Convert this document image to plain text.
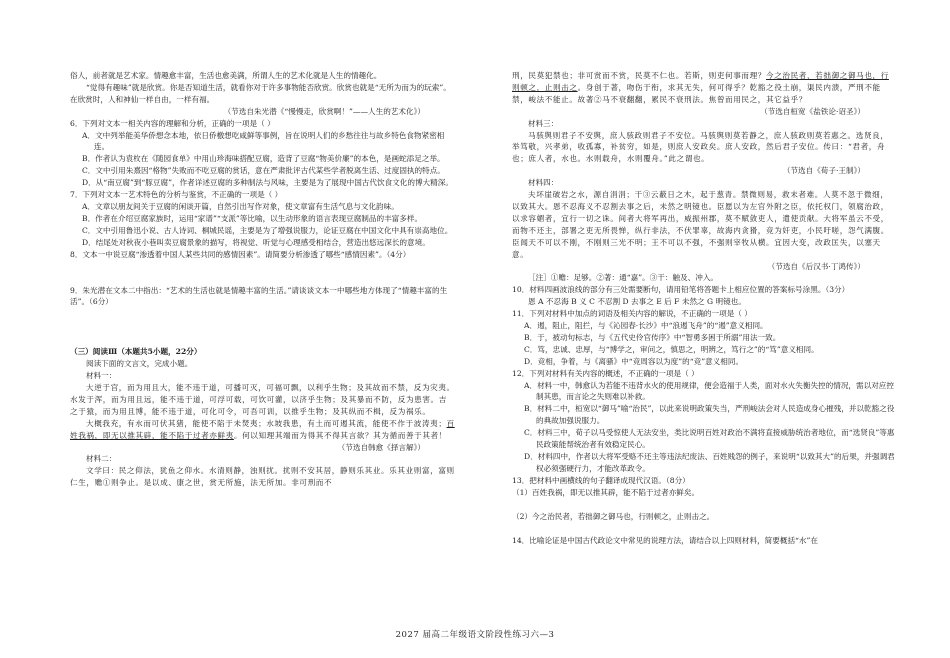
俗人，前者就是艺术家。情趣愈丰富，生活也愈美满，所谓人生的艺术化就是人生的情趣化。

“觉得有趣味”就是欣赏。你是否知道生活，就看你对于许多事物能否欣赏。欣赏也就是“无所为而为的玩索”。在欣赏时，人和神仙一样自由，一样有福。

（节选自朱光潜《“慢慢走，欣赏啊！”——人生的艺术化》）

6．下列对文本一相关内容的理解和分析，正确的一项是（ ）

A．文中列举能美华侨想念本地，依日侨檄想吃咸鲜等事例，旨在说明人们的乡愁往往与故乡特色食物紧密相连。

B．作者认为袁枚在《随园食单》中用山珍海味搭配豆腐，造背了豆腐“物美价廉”的本色，是画蛇添足之举。

C．文中引用朱熹因“格物”失败而不吃豆腐的赏话，意在严肃批评古代某些学者脱离生活、过度固执的特点。

D．从“南豆腐”到“豚豆腐”，作者详述豆腐的多种制法与风味，主要是为了展现中国古代饮食文化的博大精深。

7．下列对文本一艺术特色的分析与鉴赏，不正确的一项是（ ）

A．文章以朋友间关于豆腐的闲谈开篇，自然引出写作对象，使文章富有生活气息与文化韵味。

B．作者在介绍豆腐家族时，运用“家谱”“支派”等比喻，以生动形象的语言表现豆腐制品的丰富多样。

C．文中引用鲁迅小说、古人诗词、桐城民谣，主要是为了增强说服力，论证豆腐在中国文化中具有崇高地位。

D．结尾处对秋夜小巷叫卖豆腐景象的描写，将视觉、听觉与心理感受相结合，营造出悠远深长的意境。

8．文本一中说豆腐“渗透着中国人某些共同的感情因素”。请简要分析渗透了哪些“感情因素”。（4分）

9．朱光潜在文本二中指出：“艺术的生活也就是情趣丰富的生活。”请谈谈文本一中哪些地方体现了“情趣丰富的生活”。（6分）

（三）阅读Ⅲ（本题共5小题，22分）

阅读下面的文言文，完成小题。

材料一：

大逆于宫，而为用且大，能不违于道，可播可灭，可福可飘，以利乎生物；及其故而不禁，反为灾夷。水发于浑，而为用且远，能不违于道，可浮可载，可饮可灌，以济乎生物；及其暴而不防，反为患害。吉之于猿，而为用且博，能不违于道，可化可令，可吾可训，以推乎生物；及其纵而不楫，反为祸乐。

大概我充，有水而可伏其猪，能使不陷于未焚夷；水坡我患，有土而可遏其流，能使不作于波涛夷；百姓我祸，即无以推其辟，能不陷于过者亦鲜夷。何以知理其端而为得其不得其言欲？其为循而善于其者！

（节选自韩愈《择言解》）

材料二：

文学曰：民之仰法，犹鱼之仰水。水清则静，浊则扰。扰则不安其居，静则乐其业。乐其业则富，富则仁生，赡①则争止。是以成、康之世，赏无所施，法无所加。非可刑而不

刑，民莫犯禁也；非可赏而不赏，民莫不仁也。若斯，则吏何事而理？今之治民者，若拙御之御马也，行则顿之，止则击之。身创于著，吻伤于衔，求其无失，何可得乎？乾豁之役土崩，渠民内溃，严刑不能禁，峻法不能止。故著②马不衰翻翻，累民不衰刑法。焦曾而用民之，其它益乎？

（节选自桓宽《盐铁论·诏圣》）

材料三：

马骇舆则君子不安舆，庶人骇政则君子不安位。马骇舆则莫若静之，庶人骇政则莫若惠之。选贤良，举笃敬，兴孝弟，收孤寡，补贫穷，如是，则庶人安政矣。庶人安政，然后君子安位。传曰：“君者，舟也；庶人者，水也。水则载舟，水则覆舟。”此之谓也。

（节选自《荀子·王制》）

材料四：

夫坏崖破岩之水，源自涓涓；干③云蔽日之木，起于葱青。禁微则易，救末者难。人莫不忽于微细，以致其大。恩不忍海义不忍割去事之后，未然之明镜也。臣愿以为左官外附之臣，依托权门，领腐治政，以求容媚者，宜行一切之诛。间者大将军再出，威振州郡，莫不赋敛吏人，遣使贡献。大将军虽云不受，而物不还主，部署之吏无所畏惮，纵行非法，不伏罪辜，故海内贪猾，竞为奸吏，小民吁嗟，怨气满腹。臣闻天不可以不刚，不刚则三光不明；王不可以不强，不强则宰牧从横。宜因大变，改政匡失，以塞天意。

（节选自《后汉书·丁鸿传》）

［注］①赡：足够。②著：通“嘉”。③干：触及、冲入。

10．材料四画波浪线的部分有三处需要断句，请用铅笔将答题卡上相应位置的答案标号涂黑。（3分）

恩 A 不忍海 B 义 C 不忍割 D 去事之 E 后 F 未然之 G 明镜也。

11．下列对材料中加点的词语及相关内容的解说，不正确的一项是（ ）

A．遏，阻止，阻拦，与《沁园春·长沙》中“浪遏飞舟”的“遏”意义相同。

B．于，被动句标志，与《五代史伶官传序》中“智勇多困于所溺”用法一致。

C．笃，忠诚、忠厚，与“博学之，审问之，慎思之，明辨之，笃行之”的“笃”意义相同。

D．竞相，争着，与《离骚》中“竞周容以为度”的“竞”意义相同。

12．下列对材料有关内容的概述，不正确的一项是（ ）

A．材料一中，韩愈认为若能不违背水火的使用规律，便会造福于人类，面对水火失衡失控的情况，需以对应控制其患，而言论之失则难以补救。

B．材料二中，桓宽以“御马”喻“治民”，以此来说明政策失当，严刑峻法会对人民造成身心摧残，并以乾豁之役的典故加强说服力。

C．材料三中，荀子以马受惊使人无法安坐，类比说明百姓对政治不满将直接威胁统治者地位，而“选贤良”等惠民政策能帮统治者有效稳定民心。

D．材料四中，作者以大将军受赂不还主等违法纪废法、百姓贱怨的例子，来说明“以致其大”的后果，并强调君权必须强硬行力，才能改革政令。

13．把材料中画横线的句子翻译成现代汉语。（8分）

（1）百姓我祸，即无以推其辟，能不陷于过者亦鲜矣。

（2）今之治民者，若拙御之御马也，行则顿之，止则击之。

14．比喻论证是中国古代政论文中常见的说理方法，请结合以上四则材料，简要概括“水”在

2027 届高二年级语文阶段性练习六—3
